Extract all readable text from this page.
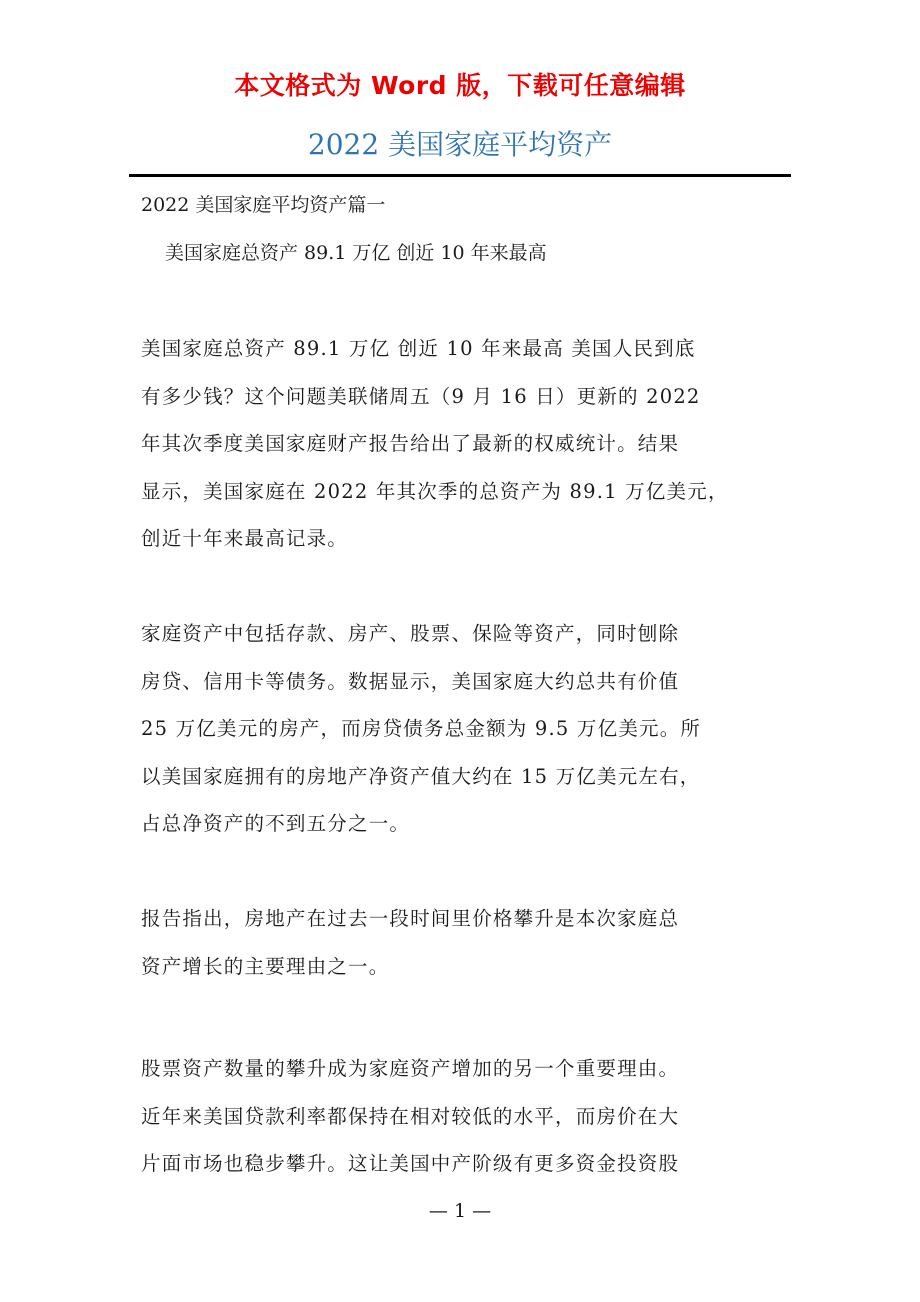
本文格式为 Word 版，下载可任意编辑
2022 美国家庭平均资产
2022 美国家庭平均资产篇一
美国家庭总资产 89.1 万亿 创近 10 年来最高
美国家庭总资产 89.1 万亿 创近 10 年来最高 美国人民到底
有多少钱？这个问题美联储周五（9 月 16 日）更新的 2022
年其次季度美国家庭财产报告给出了最新的权威统计。结果
显示，美国家庭在 2022 年其次季的总资产为 89.1 万亿美元，
创近十年来最高记录。
家庭资产中包括存款、房产、股票、保险等资产，同时刨除
房贷、信用卡等债务。数据显示，美国家庭大约总共有价值
25 万亿美元的房产，而房贷债务总金额为 9.5 万亿美元。所
以美国家庭拥有的房地产净资产值大约在 15 万亿美元左右，
占总净资产的不到五分之一。
报告指出，房地产在过去一段时间里价格攀升是本次家庭总
资产增长的主要理由之一。
股票资产数量的攀升成为家庭资产增加的另一个重要理由。
近年来美国贷款利率都保持在相对较低的水平，而房价在大
片面市场也稳步攀升。这让美国中产阶级有更多资金投资股
— 1 —
